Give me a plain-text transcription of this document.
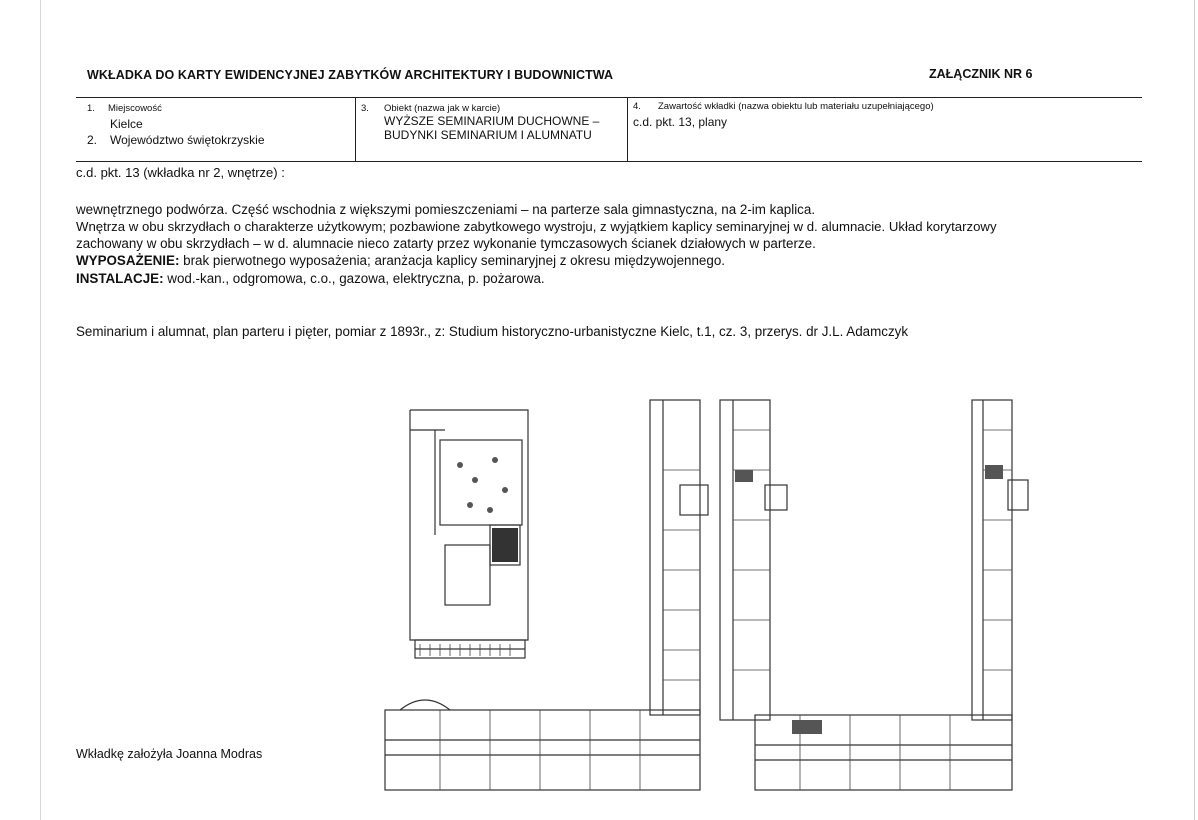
WKŁADKA DO KARTY EWIDENCYJNEJ ZABYTKÓW ARCHITEKTURY I BUDOWNICTWA	ZAŁĄCZNIK NR 6
1. Miejscowość
Kielce
2. Województwo świętokrzyskie
3. Obiekt (nazwa jak w karcie)
WYŻSZE SEMINARIUM DUCHOWNE –
BUDYNKI SEMINARIUM I ALUMNATU
4. Zawartość wkładki (nazwa obiektu lub materiału uzupełniającego)
c.d. pkt. 13, plany
c.d. pkt. 13 (wkładka nr 2, wnętrze) :
wewnętrznego podwórza. Część wschodnia z większymi pomieszczeniami – na parterze sala gimnastyczna, na 2-im kaplica.
Wnętrza w obu skrzydłach o charakterze użytkowym; pozbawione zabytkowego wystroju, z wyjątkiem kaplicy seminaryjnej w d. alumnacie. Układ korytarzowy
zachowany w obu skrzydłach – w d. alumnacie nieco zatarty przez wykonanie tymczasowych ścianek działowych w parterze.
WYPOSAŻENIE: brak pierwotnego wyposażenia; aranżacja kaplicy seminaryjnej z okresu międzywojennego.
INSTALACJE: wod.-kan., odgromowa, c.o., gazowa, elektryczna, p. pożarowa.
Seminarium i alumnat, plan parteru i pięter, pomiar z 1893r., z: Studium historyczno-urbanistyczne Kielc, t.1, cz. 3, przerys. dr J.L. Adamczyk
Wkładkę założyła Joanna Modras
